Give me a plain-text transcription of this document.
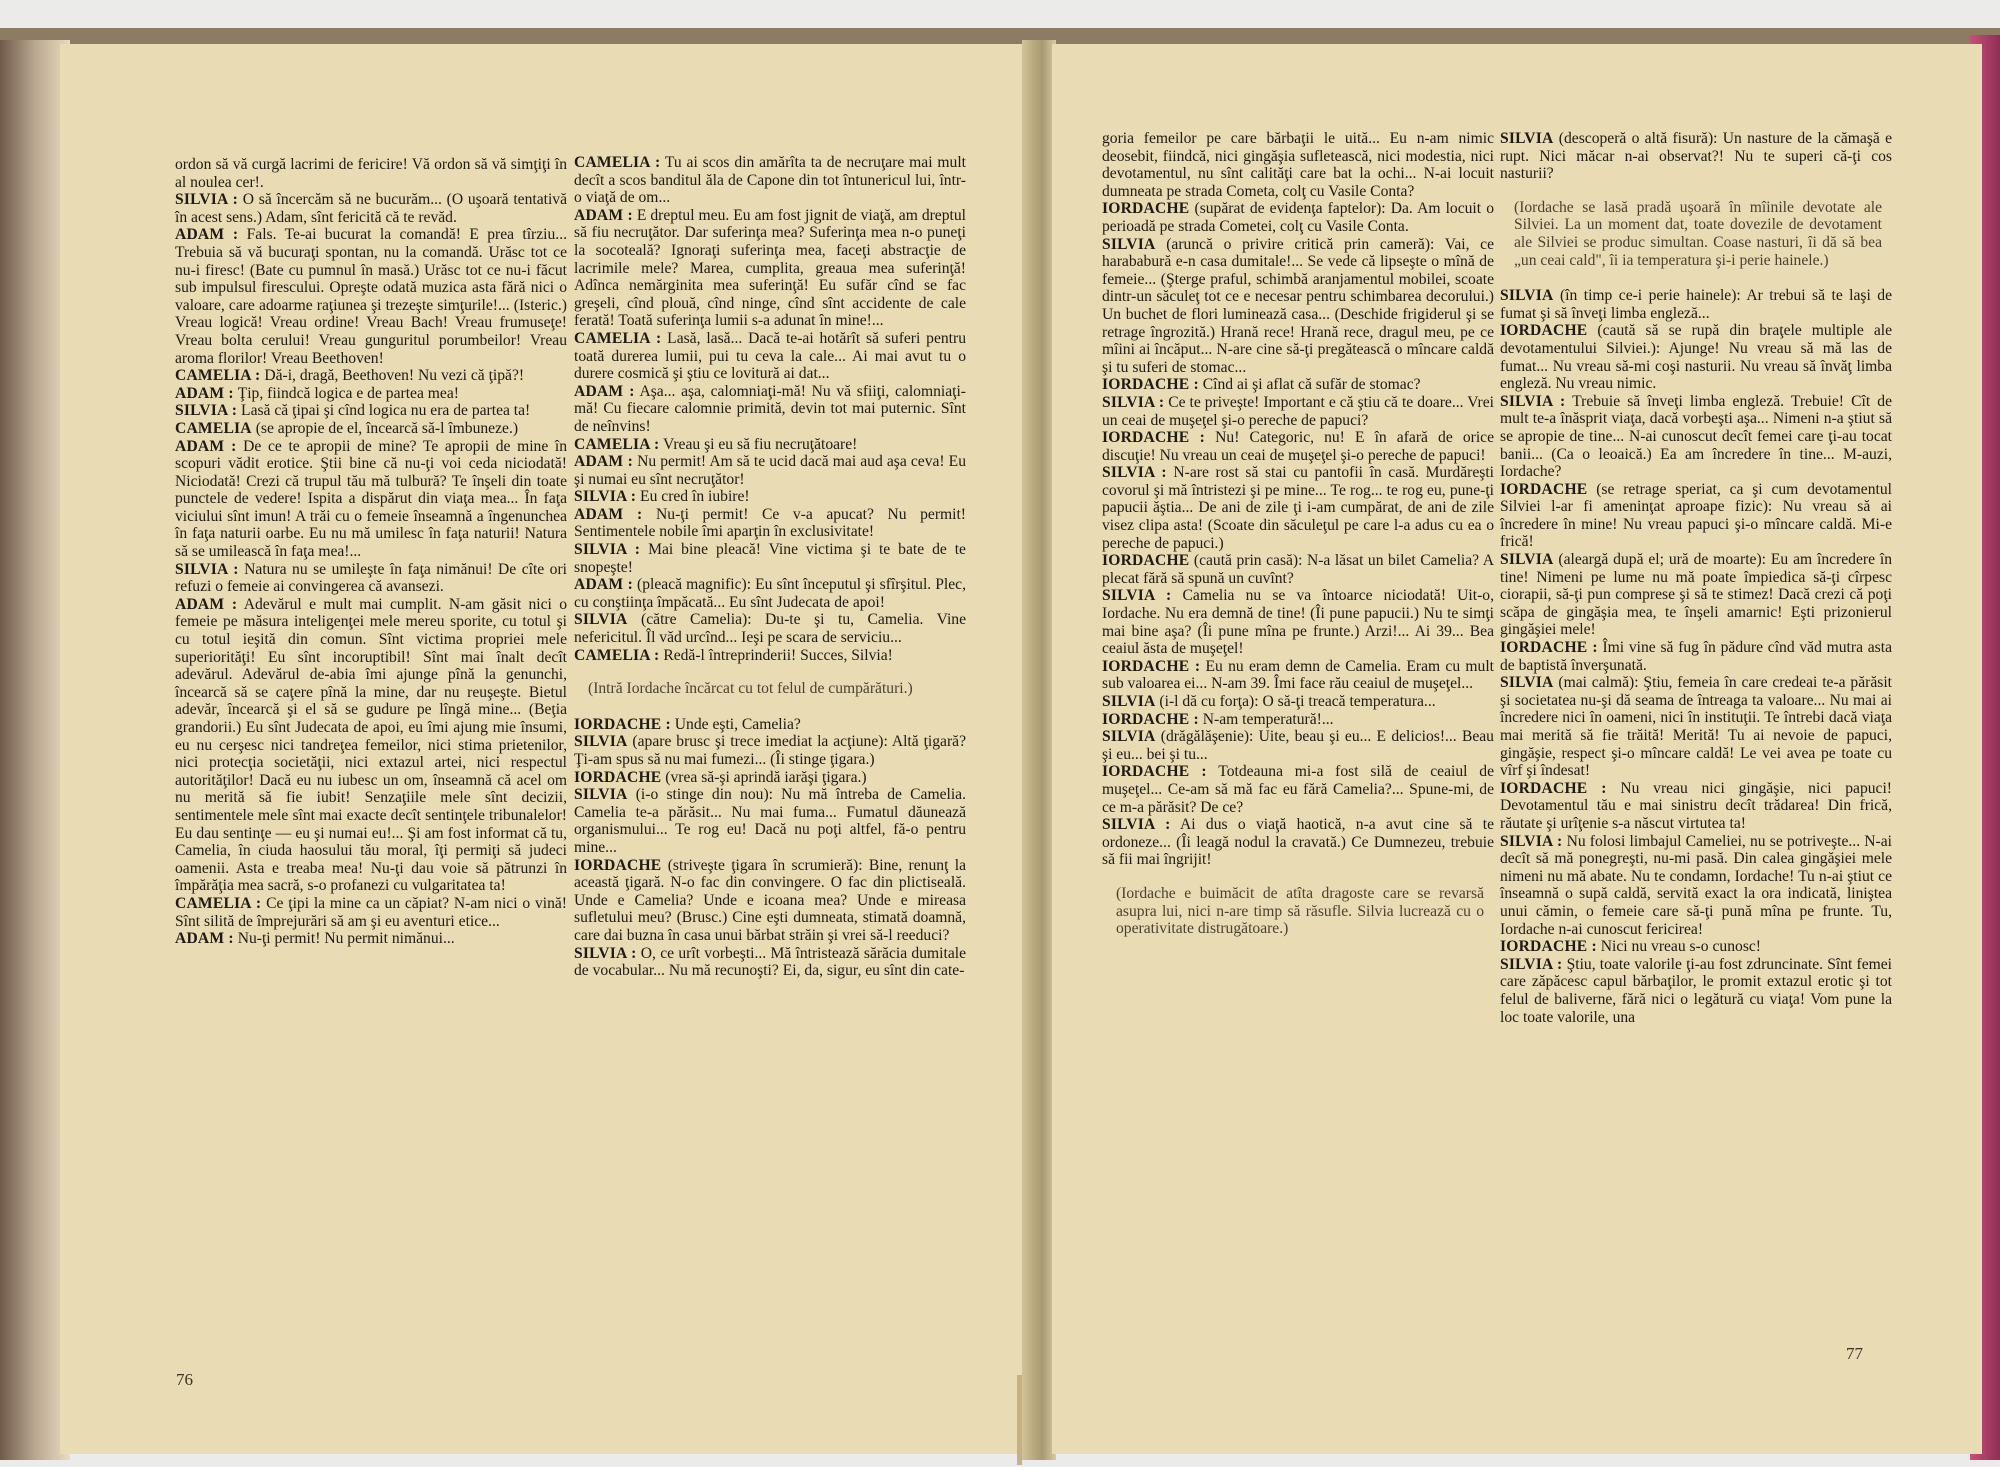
ordon să vă curgă lacrimi de fericire! Vă ordon să vă simţiţi în al noulea cer!.

SILVIA : O să încercăm să ne bucurăm... (O uşoară tentativă în acest sens.) Adam, sînt fericită că te revăd.

ADAM : Fals. Te-ai bucurat la comandă! E prea tîrziu... Trebuia să vă bucuraţi spontan, nu la comandă. Urăsc tot ce nu-i firesc! (Bate cu pumnul în masă.) Urăsc tot ce nu-i făcut sub impulsul firescului. Opreşte odată muzica asta fără nici o valoare, care adoarme raţiunea şi trezeşte simţurile!... (Isteric.) Vreau logică! Vreau ordine! Vreau Bach! Vreau frumuseţe! Vreau bolta cerului! Vreau gunguritul porumbeilor! Vreau aroma florilor! Vreau Beethoven!

CAMELIA : Dă-i, dragă, Beethoven! Nu vezi că ţipă?!

ADAM : Ţip, fiindcă logica e de partea mea!

SILVIA : Lasă că ţipai şi cînd logica nu era de partea ta!

CAMELIA (se apropie de el, încearcă să-l îmbuneze.)

ADAM : De ce te apropii de mine? Te apropii de mine în scopuri vădit erotice. Ştii bine că nu-ţi voi ceda niciodată! Niciodată! Crezi că trupul tău mă tulbură? Te înşeli din toate punctele de vedere! Ispita a dispărut din viaţa mea... În faţa viciului sînt imun! A trăi cu o femeie înseamnă a îngenunchea în faţa naturii oarbe. Eu nu mă umilesc în faţa naturii! Natura să se umilească în faţa mea!...

SILVIA : Natura nu se umileşte în faţa nimănui! De cîte ori refuzi o femeie ai convingerea că avansezi.

ADAM : Adevărul e mult mai cumplit. N-am găsit nici o femeie pe măsura inteligenţei mele mereu sporite, cu totul şi cu totul ieşită din comun. Sînt victima propriei mele superiorităţi! Eu sînt incoruptibil! Sînt mai înalt decît adevărul. Adevărul de-abia îmi ajunge pînă la genunchi, încearcă să se caţere pînă la mine, dar nu reuşeşte. Bietul adevăr, încearcă şi el să se gudure pe lîngă mine... (Beţia grandorii.) Eu sînt Judecata de apoi, eu îmi ajung mie însumi, eu nu cerşesc nici tandreţea femeilor, nici stima prietenilor, nici protecţia societăţii, nici extazul artei, nici respectul autorităţilor! Dacă eu nu iubesc un om, înseamnă că acel om nu merită să fie iubit! Senzaţiile mele sînt decizii, sentimentele mele sînt mai exacte decît sentinţele tribunalelor! Eu dau sentinţe — eu şi numai eu!... Şi am fost informat că tu, Camelia, în ciuda haosului tău moral, îţi permiţi să judeci oamenii. Asta e treaba mea! Nu-ţi dau voie să pătrunzi în împărăţia mea sacră, s-o profanezi cu vulgaritatea ta!

CAMELIA : Ce ţipi la mine ca un căpiat? N-am nici o vină! Sînt silită de împrejurări să am şi eu aventuri etice...

ADAM : Nu-ţi permit! Nu permit nimănui...

CAMELIA : Tu ai scos din amărîta ta de necruţare mai mult decît a scos banditul ăla de Capone din tot întunericul lui, într-o viaţă de om...

ADAM : E dreptul meu. Eu am fost jignit de viaţă, am dreptul să fiu necruţător. Dar suferinţa mea? Suferinţa mea n-o puneţi la socoteală? Ignoraţi suferinţa mea, faceţi abstracţie de lacrimile mele? Marea, cumplita, greaua mea suferinţă! Adînca nemărginita mea suferinţă! Eu sufăr cînd se fac greşeli, cînd plouă, cînd ninge, cînd sînt accidente de cale ferată! Toată suferinţa lumii s-a adunat în mine!...

CAMELIA : Lasă, lasă... Dacă te-ai hotărît să suferi pentru toată durerea lumii, pui tu ceva la cale... Ai mai avut tu o durere cosmică şi ştiu ce lovitură ai dat...

ADAM : Aşa... aşa, calomniaţi-mă! Nu vă sfiiţi, calomniaţi-mă! Cu fiecare calomnie primită, devin tot mai puternic. Sînt de neînvins!

CAMELIA : Vreau şi eu să fiu necruţătoare!

ADAM : Nu permit! Am să te ucid dacă mai aud aşa ceva! Eu şi numai eu sînt necruţător!

SILVIA : Eu cred în iubire!

ADAM : Nu-ţi permit! Ce v-a apucat? Nu permit! Sentimentele nobile îmi aparţin în exclusivitate!

SILVIA : Mai bine pleacă! Vine victima şi te bate de te snopeşte!

ADAM : (pleacă magnific): Eu sînt începutul şi sfîrşitul. Plec, cu conştiinţa împăcată... Eu sînt Judecata de apoi!

SILVIA (către Camelia): Du-te şi tu, Camelia. Vine nefericitul. Îl văd urcînd... Ieşi pe scara de serviciu...

CAMELIA : Redă-l întreprinderii! Succes, Silvia!

(Intră Iordache încărcat cu tot felul de cumpărături.)

IORDACHE : Unde eşti, Camelia?

SILVIA (apare brusc şi trece imediat la acţiune): Altă ţigară? Ţi-am spus să nu mai fumezi... (Îi stinge ţigara.)

IORDACHE (vrea să-şi aprindă iarăşi ţigara.)

SILVIA (i-o stinge din nou): Nu mă întreba de Camelia. Camelia te-a părăsit... Nu mai fuma... Fumatul dăunează organismului... Te rog eu! Dacă nu poţi altfel, fă-o pentru mine...

IORDACHE (striveşte ţigara în scrumieră): Bine, renunţ la această ţigară. N-o fac din convingere. O fac din plictiseală. Unde e Camelia? Unde e icoana mea? Unde e mireasa sufletului meu? (Brusc.) Cine eşti dumneata, stimată doamnă, care dai buzna în casa unui bărbat străin şi vrei să-l reeduci?

SILVIA : O, ce urît vorbeşti... Mă întristează sărăcia dumitale de vocabular... Nu mă recunoşti? Ei, da, sigur, eu sînt din cate-

76

goria femeilor pe care bărbaţii le uită... Eu n-am nimic deosebit, fiindcă, nici gingăşia sufletească, nici modestia, nici devotamentul, nu sînt calităţi care bat la ochi... N-ai locuit dumneata pe strada Cometa, colţ cu Vasile Conta?

IORDACHE (supărat de evidenţa faptelor): Da. Am locuit o perioadă pe strada Cometei, colţ cu Vasile Conta.

SILVIA (aruncă o privire critică prin cameră): Vai, ce harababură e-n casa dumitale!... Se vede că lipseşte o mînă de femeie... (Şterge praful, schimbă aranjamentul mobilei, scoate dintr-un săculeţ tot ce e necesar pentru schimbarea decorului.) Un buchet de flori luminează casa... (Deschide frigiderul şi se retrage îngrozită.) Hrană rece! Hrană rece, dragul meu, pe ce mîini ai încăput... N-are cine să-ţi pregătească o mîncare caldă şi tu suferi de stomac...

IORDACHE : Cînd ai şi aflat că sufăr de stomac?

SILVIA : Ce te priveşte! Important e că ştiu că te doare... Vrei un ceai de muşeţel şi-o pereche de papuci?

IORDACHE : Nu! Categoric, nu! E în afară de orice discuţie! Nu vreau un ceai de muşeţel şi-o pereche de papuci!

SILVIA : N-are rost să stai cu pantofii în casă. Murdăreşti covorul şi mă întristezi şi pe mine... Te rog... te rog eu, pune-ţi papucii ăştia... De ani de zile ţi i-am cumpărat, de ani de zile visez clipa asta! (Scoate din săculeţul pe care l-a adus cu ea o pereche de papuci.)

IORDACHE (caută prin casă): N-a lăsat un bilet Camelia? A plecat fără să spună un cuvînt?

SILVIA : Camelia nu se va întoarce niciodată! Uit-o, Iordache. Nu era demnă de tine! (Îi pune papucii.) Nu te simţi mai bine aşa? (Îi pune mîna pe frunte.) Arzi!... Ai 39... Bea ceaiul ăsta de muşeţel!

IORDACHE : Eu nu eram demn de Camelia. Eram cu mult sub valoarea ei... N-am 39. Îmi face rău ceaiul de muşeţel...

SILVIA (i-l dă cu forţa): O să-ţi treacă temperatura...

IORDACHE : N-am temperatură!...

SILVIA (drăgălăşenie): Uite, beau şi eu... E delicios!... Beau şi eu... bei şi tu...

IORDACHE : Totdeauna mi-a fost silă de ceaiul de muşeţel... Ce-am să mă fac eu fără Camelia?... Spune-mi, de ce m-a părăsit? De ce?

SILVIA : Ai dus o viaţă haotică, n-a avut cine să te ordoneze... (Îi leagă nodul la cravată.) Ce Dumnezeu, trebuie să fii mai îngrijit!

(Iordache e buimăcit de atîta dragoste care se revarsă asupra lui, nici n-are timp să răsufle. Silvia lucrează cu o operativitate distrugătoare.)

SILVIA (descoperă o altă fisură): Un nasture de la cămaşă e rupt. Nici măcar n-ai observat?! Nu te superi că-ţi cos nasturii?

(Iordache se lasă pradă uşoară în mîinile devotate ale Silviei. La un moment dat, toate dovezile de devotament ale Silviei se produc simultan. Coase nasturi, îi dă să bea „un ceai cald", îi ia temperatura şi-i perie hainele.)

SILVIA (în timp ce-i perie hainele): Ar trebui să te laşi de fumat şi să înveţi limba engleză...

IORDACHE (caută să se rupă din braţele multiple ale devotamentului Silviei.): Ajunge! Nu vreau să mă las de fumat... Nu vreau să-mi coşi nasturii. Nu vreau să învăţ limba engleză. Nu vreau nimic.

SILVIA : Trebuie să înveţi limba engleză. Trebuie! Cît de mult te-a înăsprit viaţa, dacă vorbeşti aşa... Nimeni n-a ştiut să se apropie de tine... N-ai cunoscut decît femei care ţi-au tocat banii... (Ca o leoaică.) Ea am încredere în tine... M-auzi, Iordache?

IORDACHE (se retrage speriat, ca şi cum devotamentul Silviei l-ar fi ameninţat aproape fizic): Nu vreau să ai încredere în mine! Nu vreau papuci şi-o mîncare caldă. Mi-e frică!

SILVIA (aleargă după el; ură de moarte): Eu am încredere în tine! Nimeni pe lume nu mă poate împiedica să-ţi cîrpesc ciorapii, să-ţi pun comprese şi să te stimez! Dacă crezi că poţi scăpa de gingăşia mea, te înşeli amarnic! Eşti prizonierul gingăşiei mele!

IORDACHE : Îmi vine să fug în pădure cînd văd mutra asta de baptistă înverşunată.

SILVIA (mai calmă): Ştiu, femeia în care credeai te-a părăsit şi societatea nu-şi dă seama de întreaga ta valoare... Nu mai ai încredere nici în oameni, nici în instituţii. Te întrebi dacă viaţa mai merită să fie trăită! Merită! Tu ai nevoie de papuci, gingăşie, respect şi-o mîncare caldă! Le vei avea pe toate cu vîrf şi îndesat!

IORDACHE : Nu vreau nici gingăşie, nici papuci! Devotamentul tău e mai sinistru decît trădarea! Din frică, răutate şi urîţenie s-a născut virtutea ta!

SILVIA : Nu folosi limbajul Cameliei, nu se potriveşte... N-ai decît să mă ponegreşti, nu-mi pasă. Din calea gingăşiei mele nimeni nu mă abate. Nu te condamn, Iordache! Tu n-ai ştiut ce înseamnă o supă caldă, servită exact la ora indicată, liniştea unui cămin, o femeie care să-ţi pună mîna pe frunte. Tu, Iordache n-ai cunoscut fericirea!

IORDACHE : Nici nu vreau s-o cunosc!

SILVIA : Ştiu, toate valorile ţi-au fost zdruncinate. Sînt femei care zăpăcesc capul bărbaţilor, le promit extazul erotic şi tot felul de baliverne, fără nici o legătură cu viaţa! Vom pune la loc toate valorile, una

77
